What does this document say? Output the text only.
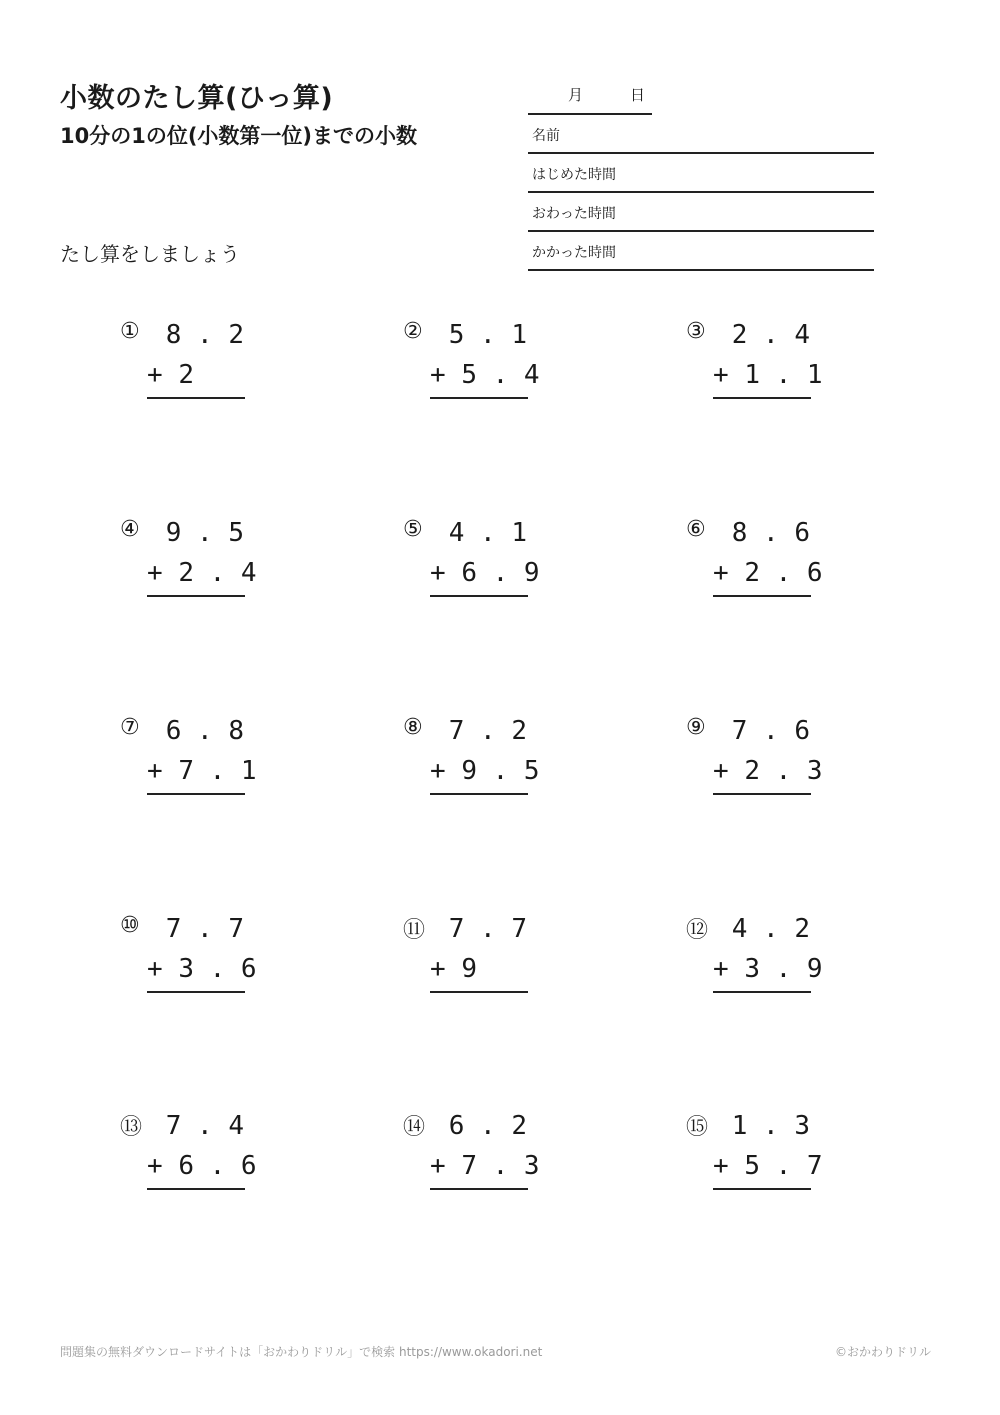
小数のたし算(ひっ算)
10分の1の位(小数第一位)までの小数
たし算をしましょう
月	日
名前
はじめた時間
おわった時間
かかった時間
① 8 . 2
+ 2
② 5 . 1
+ 5 . 4
③ 2 . 4
+ 1 . 1
④ 9 . 5
+ 2 . 4
⑤ 4 . 1
+ 6 . 9
⑥ 8 . 6
+ 2 . 6
⑦ 6 . 8
+ 7 . 1
⑧ 7 . 2
+ 9 . 5
⑨ 7 . 6
+ 2 . 3
⑩ 7 . 7
+ 3 . 6
⑪ 7 . 7
+ 9
⑫ 4 . 2
+ 3 . 9
⑬ 7 . 4
+ 6 . 6
⑭ 6 . 2
+ 7 . 3
⑮ 1 . 3
+ 5 . 7
問題集の無料ダウンロードサイトは「おかわりドリル」で検索 https://www.okadori.net	©おかわりドリル
